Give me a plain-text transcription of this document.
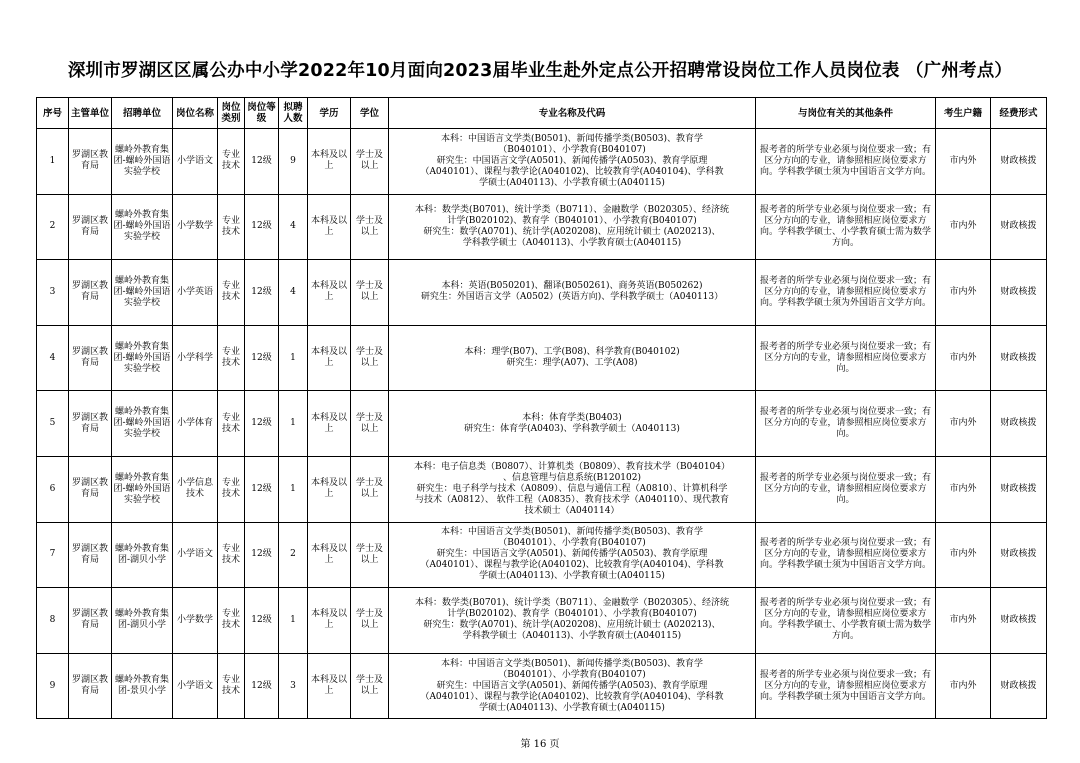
深圳市罗湖区区属公办中小学2022年10月面向2023届毕业生赴外定点公开招聘常设岗位工作人员岗位表 （广州考点）
序号	主管单位	招聘单位	岗位名称	岗位类别	岗位等级	拟聘人数	学历	学位	专业名称及代码	与岗位有关的其他条件	考生户籍	经费形式
1	罗湖区教育局	螺岭外教育集团-螺岭外国语实验学校	小学语文	专业技术	12级	9	本科及以上	学士及以上	本科：中国语言文学类(B0501)、新闻传播学类(B0503)、教育学
（B040101）、小学教育(B040107)
研究生：中国语言文学(A0501)、新闻传播学(A0503)、教育学原理
（A040101）、课程与教学论(A040102)、比较教育学(A040104)、学科教
学硕士(A040113)、小学教育硕士(A040115)	报考者的所学专业必须与岗位要求一致；有区分方向的专业，请参照相应岗位要求方向。学科教学硕士须为中国语言文学方向。	市内外	财政核拨
2	罗湖区教育局	螺岭外教育集团-螺岭外国语实验学校	小学数学	专业技术	12级	4	本科及以上	学士及以上	本科：数学类(B0701)、统计学类（B0711）、金融数学（B020305）、经济统
计学(B020102)、教育学（B040101）、小学教育(B040107)
研究生：数学(A0701)、统计学(A020208)、应用统计硕士 (A020213)、
学科教学硕士（A040113)、小学教育硕士(A040115)	报考者的所学专业必须与岗位要求一致；有区分方向的专业，请参照相应岗位要求方向。学科教学硕士、小学教育硕士需为数学方向。	市内外	财政核拨
3	罗湖区教育局	螺岭外教育集团-螺岭外国语实验学校	小学英语	专业技术	12级	4	本科及以上	学士及以上	本科：英语(B050201)、翻译(B050261)、商务英语(B050262)
研究生：外国语言文学（A0502）(英语方向)、学科教学硕士（A040113）	报考者的所学专业必须与岗位要求一致；有区分方向的专业，请参照相应岗位要求方向。学科教学硕士须为外国语言文学方向。	市内外	财政核拨
4	罗湖区教育局	螺岭外教育集团-螺岭外国语实验学校	小学科学	专业技术	12级	1	本科及以上	学士及以上	本科：理学(B07)、工学(B08)、科学教育(B040102)
研究生：理学(A07)、工学(A08)	报考者的所学专业必须与岗位要求一致；有区分方向的专业，请参照相应岗位要求方向。	市内外	财政核拨
5	罗湖区教育局	螺岭外教育集团-螺岭外国语实验学校	小学体育	专业技术	12级	1	本科及以上	学士及以上	本科：体育学类(B0403)
研究生：体育学(A0403)、学科教学硕士（A040113)	报考者的所学专业必须与岗位要求一致；有区分方向的专业，请参照相应岗位要求方向。	市内外	财政核拨
6	罗湖区教育局	螺岭外教育集团-螺岭外国语实验学校	小学信息技术	专业技术	12级	1	本科及以上	学士及以上	本科：电子信息类（B0807）、计算机类（B0809）、教育技术学（B040104）
、信息管理与信息系统(B120102)
研究生：电子科学与技术（A0809）、信息与通信工程（A0810）、计算机科学
与技术（A0812）、 软件工程（A0835）、教育技术学（A040110）、现代教育
技术硕士（A040114）	报考者的所学专业必须与岗位要求一致；有区分方向的专业，请参照相应岗位要求方向。	市内外	财政核拨
7	罗湖区教育局	螺岭外教育集团-湖贝小学	小学语文	专业技术	12级	2	本科及以上	学士及以上	本科：中国语言文学类(B0501)、新闻传播学类(B0503)、教育学
（B040101）、小学教育(B040107)
研究生：中国语言文学(A0501)、新闻传播学(A0503)、教育学原理
（A040101）、课程与教学论(A040102)、比较教育学(A040104)、学科教
学硕士(A040113)、小学教育硕士(A040115)	报考者的所学专业必须与岗位要求一致；有区分方向的专业，请参照相应岗位要求方向。学科教学硕士须为中国语言文学方向。	市内外	财政核拨
8	罗湖区教育局	螺岭外教育集团-湖贝小学	小学数学	专业技术	12级	1	本科及以上	学士及以上	本科：数学类(B0701)、统计学类（B0711）、金融数学（B020305）、经济统
计学(B020102)、教育学（B040101）、小学教育(B040107)
研究生：数学(A0701)、统计学(A020208)、应用统计硕士 (A020213)、
学科教学硕士（A040113)、小学教育硕士(A040115)	报考者的所学专业必须与岗位要求一致；有区分方向的专业，请参照相应岗位要求方向。学科教学硕士、小学教育硕士需为数学方向。	市内外	财政核拨
9	罗湖区教育局	螺岭外教育集团-景贝小学	小学语文	专业技术	12级	3	本科及以上	学士及以上	本科：中国语言文学类(B0501)、新闻传播学类(B0503)、教育学
（B040101）、小学教育(B040107)
研究生：中国语言文学(A0501)、新闻传播学(A0503)、教育学原理
（A040101）、课程与教学论(A040102)、比较教育学(A040104)、学科教
学硕士(A040113)、小学教育硕士(A040115)	报考者的所学专业必须与岗位要求一致；有区分方向的专业，请参照相应岗位要求方向。学科教学硕士须为中国语言文学方向。	市内外	财政核拨
第 16 页
